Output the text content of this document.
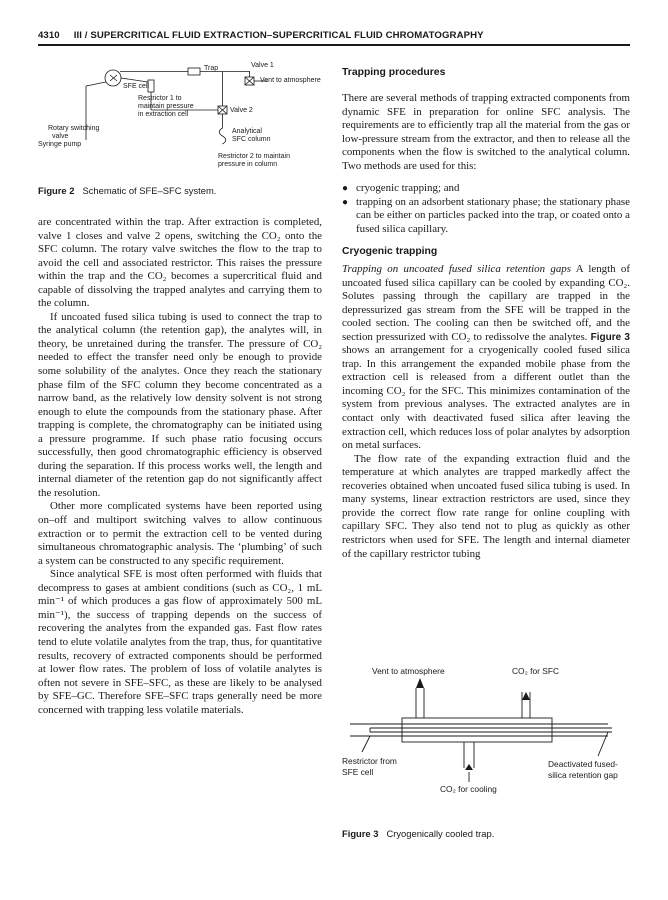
4310 III / SUPERCRITICAL FLUID EXTRACTION–SUPERCRITICAL FLUID CHROMATOGRAPHY
Trap	Valve 1
Vent to atmosphere
SFE cell
Restrictor 1 to
maintain pressure
in extraction cell
Valve 2
Rotary switching
valve
Syringe pump
Analytical
SFC column
Restrictor 2 to maintain
pressure in column
Figure 2 Schematic of SFE–SFC system.

are concentrated within the trap. After extraction is completed, valve 1 closes and valve 2 opens, switching the CO₂ onto the SFC column. The rotary valve switches the flow to the trap to avoid the cell and associated restrictor. This raises the pressure within the trap and the CO₂ becomes a supercritical fluid and capable of dissolving the trapped analytes and carrying them to the column.

If uncoated fused silica tubing is used to connect the trap to the analytical column (the retention gap), the analytes will, in theory, be unretained during the transfer. The pressure of CO₂ needed to effect the transfer need only be enough to provide some solubility of the analytes. Once they reach the stationary phase film of the SFC column they become concentrated as a narrow band, as the relatively low density solvent is not strong enough to elute the compounds from the stationary phase. After trapping is complete, the chromatography can be initiated using a pressure programme. If such phase ratio focusing occurs successfully, then good chromatographic efficiency is observed during the separation. If this process works well, the length and internal diameter of the retention gap do not significantly affect the resolution.

Other more complicated systems have been reported using on–off and multiport switching valves to allow continuous extraction or to permit the extraction cell to be vented during simultaneous chromatographic analysis. The ‘plumbing’ of such a system can be constructed to any specific requirement.

Since analytical SFE is most often performed with fluids that decompress to gases at ambient conditions (such as CO₂, 1 mL min⁻¹ of which produces a gas flow of approximately 500 mL min⁻¹), the success of trapping depends on the success of recovering the analytes from the expanded gas. Fast flow rates tend to elute volatile analytes from the trap, thus, for quantitative results, recovery of extracted components should be performed at lower flow rates. The problem of loss of volatile analytes is often not severe in SFE–SFC, as these are likely to be analysed by SFE–GC. Therefore SFE–SFC traps generally need be more concerned with trapping less volatile materials.

Trapping procedures

There are several methods of trapping extracted components from dynamic SFE in preparation for online SFC analysis. The requirements are to efficiently trap all the material from the gas or low-pressure stream from the extractor, and then to release all the components when the flow is switched to the analytical column. Two methods are used for this:

● cryogenic trapping; and
● trapping on an adsorbent stationary phase; the stationary phase can be either on particles packed into the trap, or coated onto a fused silica capillary.
Cryogenic trapping

Trapping on uncoated fused silica retention gaps A length of uncoated fused silica capillary can be cooled by expanding CO₂. Solutes passing through the capillary are trapped in the depressurized gas stream from the SFE will be trapped in the cooled section. The cooling can then be switched off, and the section pressurized with CO₂ to redissolve the analytes. Figure 3 shows an arrangement for a cryogenically cooled fused silica trap. In this arrangement the expanded mobile phase from the extraction cell is released from a different outlet than the incoming CO₂ for the SFC. This minimizes contamination of the system from previous analyses. The extracted analytes are in contact only with deactivated fused silica after leaving the extraction cell, which reduces loss of polar analytes by adsorption on metal surfaces.

The flow rate of the expanding extraction fluid and the temperature at which analytes are trapped markedly affect the recoveries obtained when uncoated fused silica tubing is used. In many systems, linear extraction restrictors are used, since they provide the correct flow rate range for online coupling with capillary SFC. They also tend not to plug as quickly as other restrictors when used for SFE. The length and internal diameter of the capillary restrictor tubing

Vent to atmosphere	CO₂ for SFC
Restrictor from
SFE cell
Deactivated fused-
silica retention gap
CO₂ for cooling
Figure 3 Cryogenically cooled trap.
